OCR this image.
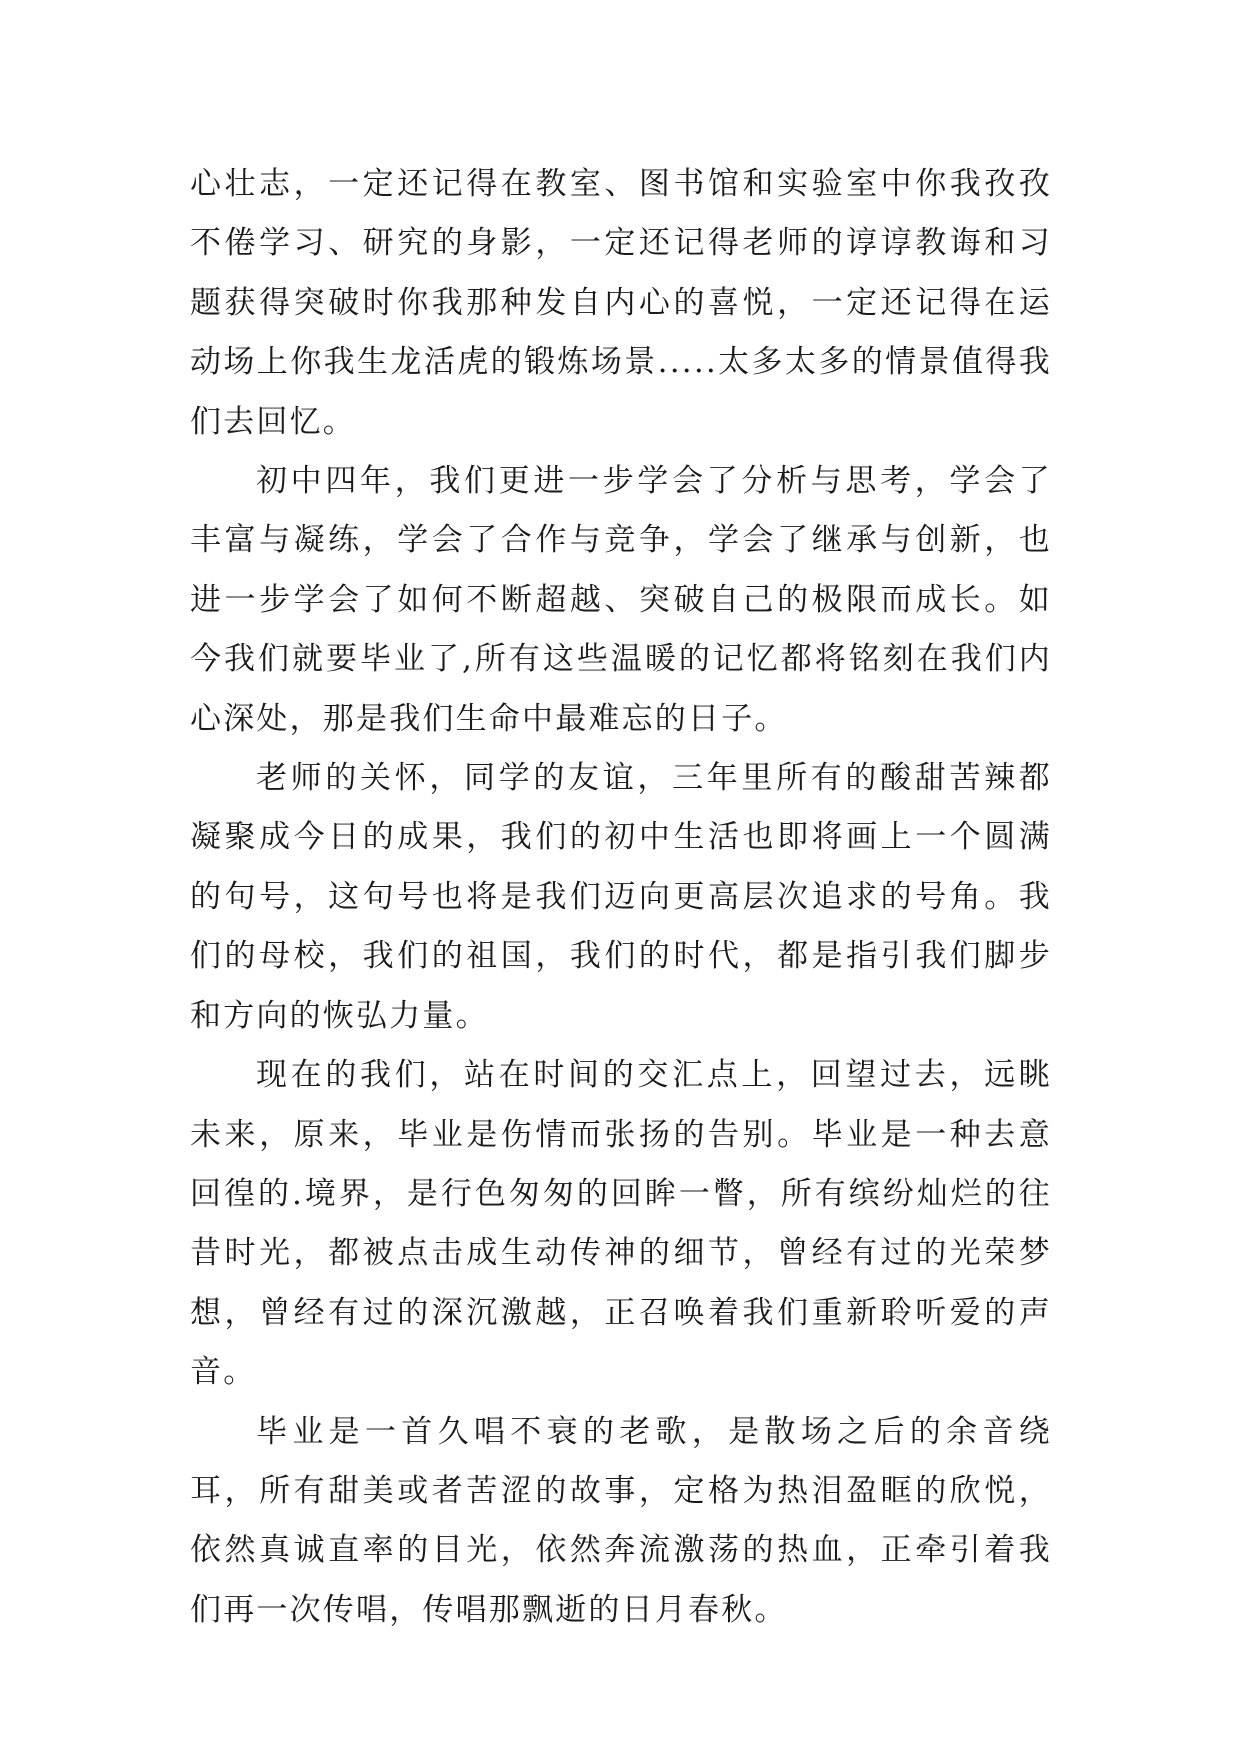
心壮志，一定还记得在教室、图书馆和实验室中你我孜孜不倦学习、研究的身影，一定还记得老师的谆谆教诲和习题获得突破时你我那种发自内心的喜悦，一定还记得在运动场上你我生龙活虎的锻炼场景.....太多太多的情景值得我们去回忆。

初中四年，我们更进一步学会了分析与思考，学会了丰富与凝练，学会了合作与竞争，学会了继承与创新，也进一步学会了如何不断超越、突破自己的极限而成长。如今我们就要毕业了,所有这些温暖的记忆都将铭刻在我们内心深处，那是我们生命中最难忘的日子。

老师的关怀，同学的友谊，三年里所有的酸甜苦辣都凝聚成今日的成果，我们的初中生活也即将画上一个圆满的句号，这句号也将是我们迈向更高层次追求的号角。我们的母校，我们的祖国，我们的时代，都是指引我们脚步和方向的恢弘力量。

现在的我们，站在时间的交汇点上，回望过去，远眺未来，原来，毕业是伤情而张扬的告别。毕业是一种去意回徨的.境界，是行色匆匆的回眸一瞥，所有缤纷灿烂的往昔时光，都被点击成生动传神的细节，曾经有过的光荣梦想，曾经有过的深沉激越，正召唤着我们重新聆听爱的声音。

毕业是一首久唱不衰的老歌，是散场之后的余音绕耳，所有甜美或者苦涩的故事，定格为热泪盈眶的欣悦，依然真诚直率的目光，依然奔流激荡的热血，正牵引着我们再一次传唱，传唱那飘逝的日月春秋。
